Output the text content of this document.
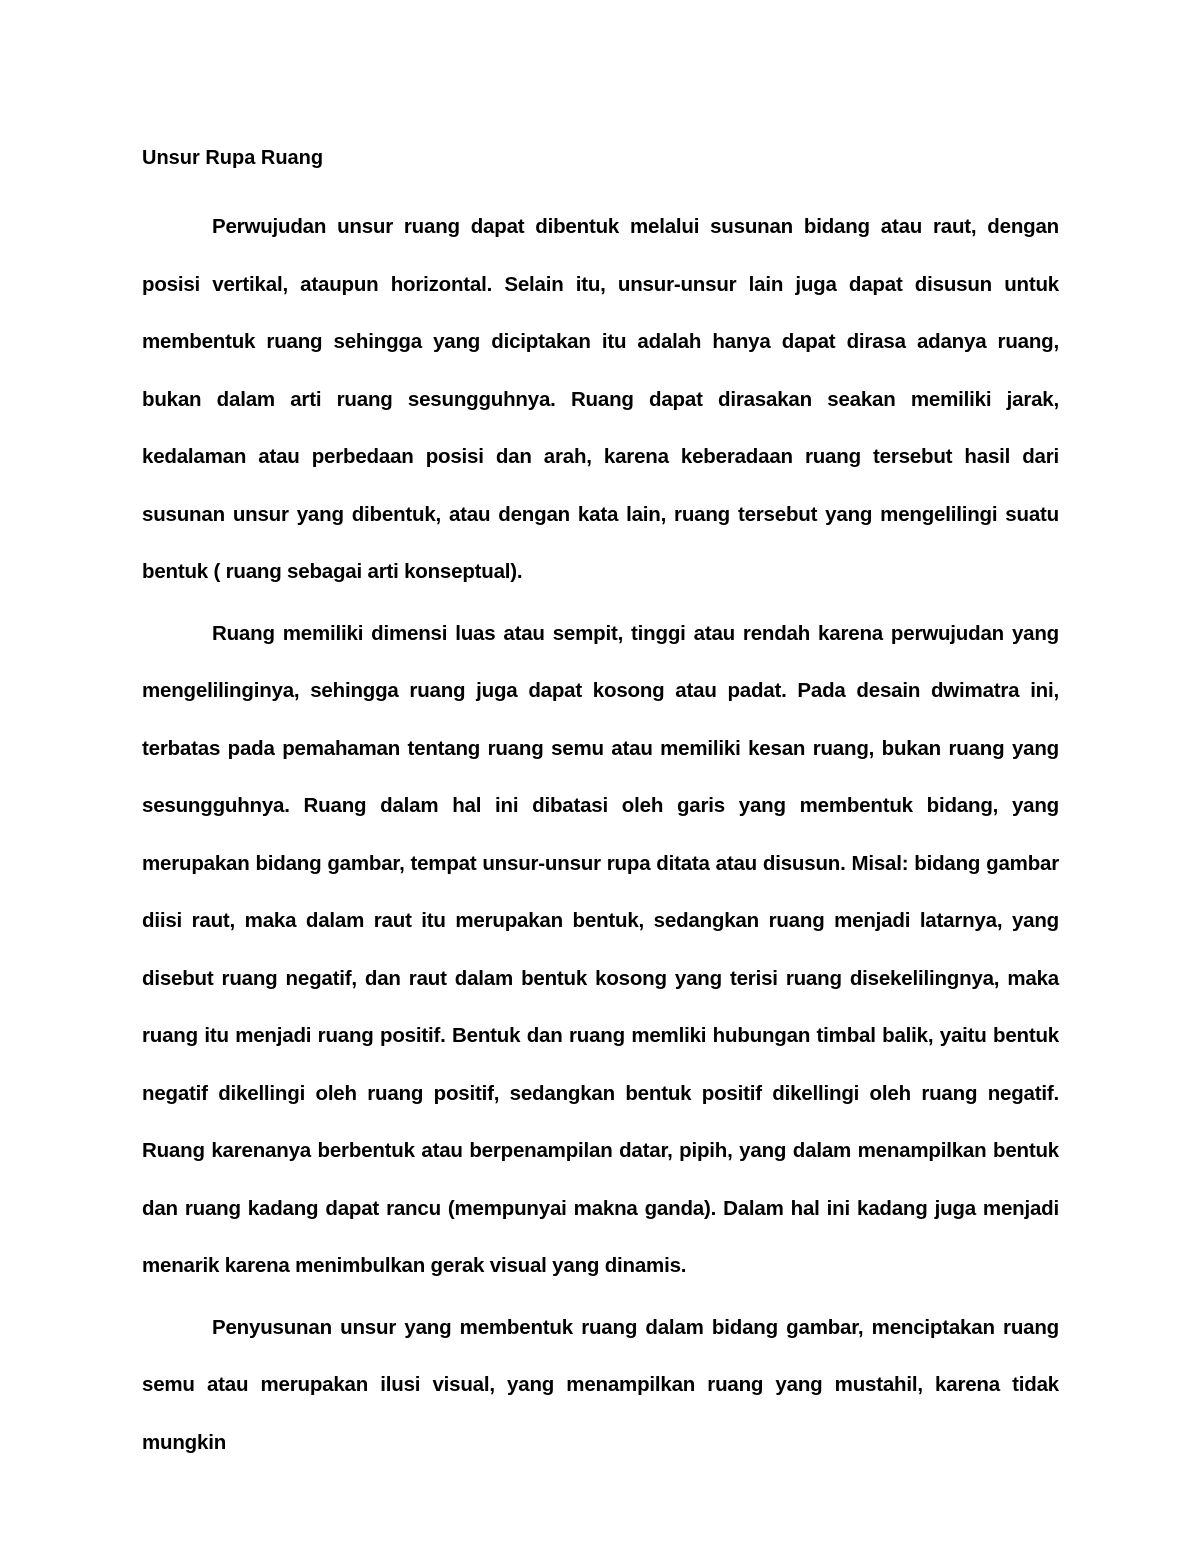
Unsur Rupa Ruang

Perwujudan unsur ruang dapat dibentuk melalui susunan bidang atau raut, dengan posisi vertikal, ataupun horizontal. Selain itu, unsur-unsur lain juga dapat disusun untuk membentuk ruang sehingga yang diciptakan itu adalah hanya dapat dirasa adanya ruang, bukan dalam arti ruang sesungguhnya. Ruang dapat dirasakan seakan memiliki jarak, kedalaman atau perbedaan posisi dan arah, karena keberadaan ruang tersebut hasil dari susunan unsur yang dibentuk, atau dengan kata lain, ruang tersebut yang mengelilingi suatu bentuk ( ruang sebagai arti konseptual).

Ruang memiliki dimensi luas atau sempit, tinggi atau rendah karena perwujudan yang mengelilinginya, sehingga ruang juga dapat kosong atau padat. Pada desain dwimatra ini, terbatas pada pemahaman tentang ruang semu atau memiliki kesan ruang, bukan ruang yang sesungguhnya. Ruang dalam hal ini dibatasi oleh garis yang membentuk bidang, yang merupakan bidang gambar, tempat unsur-unsur rupa ditata atau disusun. Misal: bidang gambar diisi raut, maka dalam raut itu merupakan bentuk, sedangkan ruang menjadi latarnya, yang disebut ruang negatif, dan raut dalam bentuk kosong yang terisi ruang disekelilingnya, maka ruang itu menjadi ruang positif. Bentuk dan ruang memliki hubungan timbal balik, yaitu bentuk negatif dikellingi oleh ruang positif, sedangkan bentuk positif dikellingi oleh ruang negatif. Ruang karenanya berbentuk atau berpenampilan datar, pipih, yang dalam menampilkan bentuk dan ruang kadang dapat rancu (mempunyai makna ganda). Dalam hal ini kadang juga menjadi menarik karena menimbulkan gerak visual yang dinamis.

Penyusunan unsur yang membentuk ruang dalam bidang gambar, menciptakan ruang semu atau merupakan ilusi visual, yang menampilkan ruang yang mustahil, karena tidak mungkin
